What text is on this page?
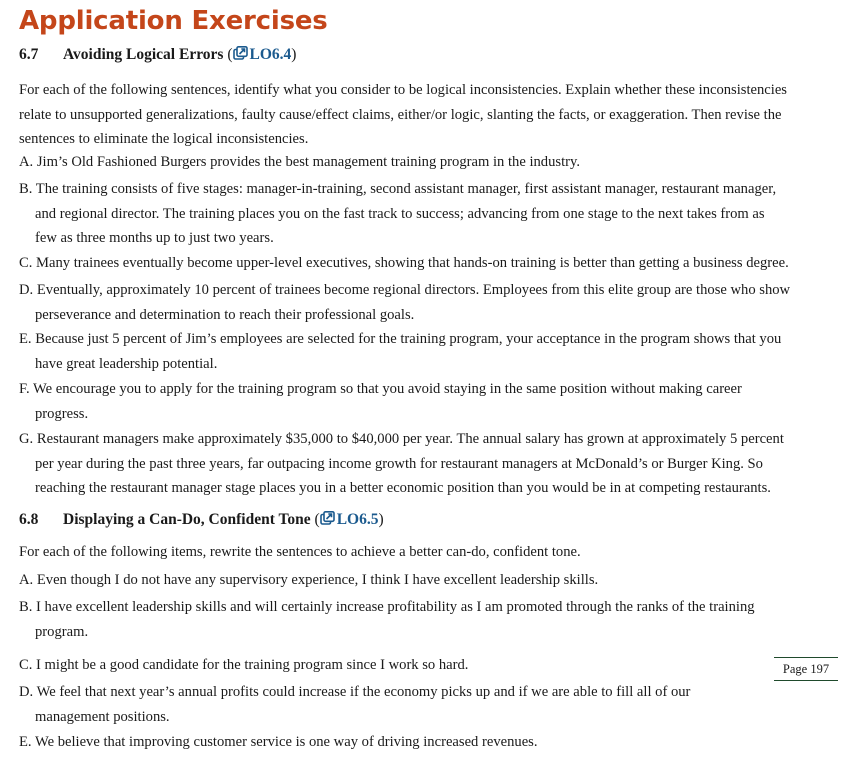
Application Exercises
6.7 Avoiding Logical Errors ( LO6.4)
For each of the following sentences, identify what you consider to be logical inconsistencies. Explain whether these inconsistencies
relate to unsupported generalizations, faulty cause/effect claims, either/or logic, slanting the facts, or exaggeration. Then revise the
sentences to eliminate the logical inconsistencies.
A. Jim’s Old Fashioned Burgers provides the best management training program in the industry.
B. The training consists of five stages: manager-in-training, second assistant manager, first assistant manager, restaurant manager,
and regional director. The training places you on the fast track to success; advancing from one stage to the next takes from as
few as three months up to just two years.
C. Many trainees eventually become upper-level executives, showing that hands-on training is better than getting a business degree.
D. Eventually, approximately 10 percent of trainees become regional directors. Employees from this elite group are those who show
perseverance and determination to reach their professional goals.
E. Because just 5 percent of Jim’s employees are selected for the training program, your acceptance in the program shows that you
have great leadership potential.
F. We encourage you to apply for the training program so that you avoid staying in the same position without making career
progress.
G. Restaurant managers make approximately $35,000 to $40,000 per year. The annual salary has grown at approximately 5 percent
per year during the past three years, far outpacing income growth for restaurant managers at McDonald’s or Burger King. So
reaching the restaurant manager stage places you in a better economic position than you would be in at competing restaurants.
6.8 Displaying a Can-Do, Confident Tone ( LO6.5)
For each of the following items, rewrite the sentences to achieve a better can-do, confident tone.
A. Even though I do not have any supervisory experience, I think I have excellent leadership skills.
B. I have excellent leadership skills and will certainly increase profitability as I am promoted through the ranks of the training
program.
C. I might be a good candidate for the training program since I work so hard.
D. We feel that next year’s annual profits could increase if the economy picks up and if we are able to fill all of our
management positions.
E. We believe that improving customer service is one way of driving increased revenues.
Page 197
